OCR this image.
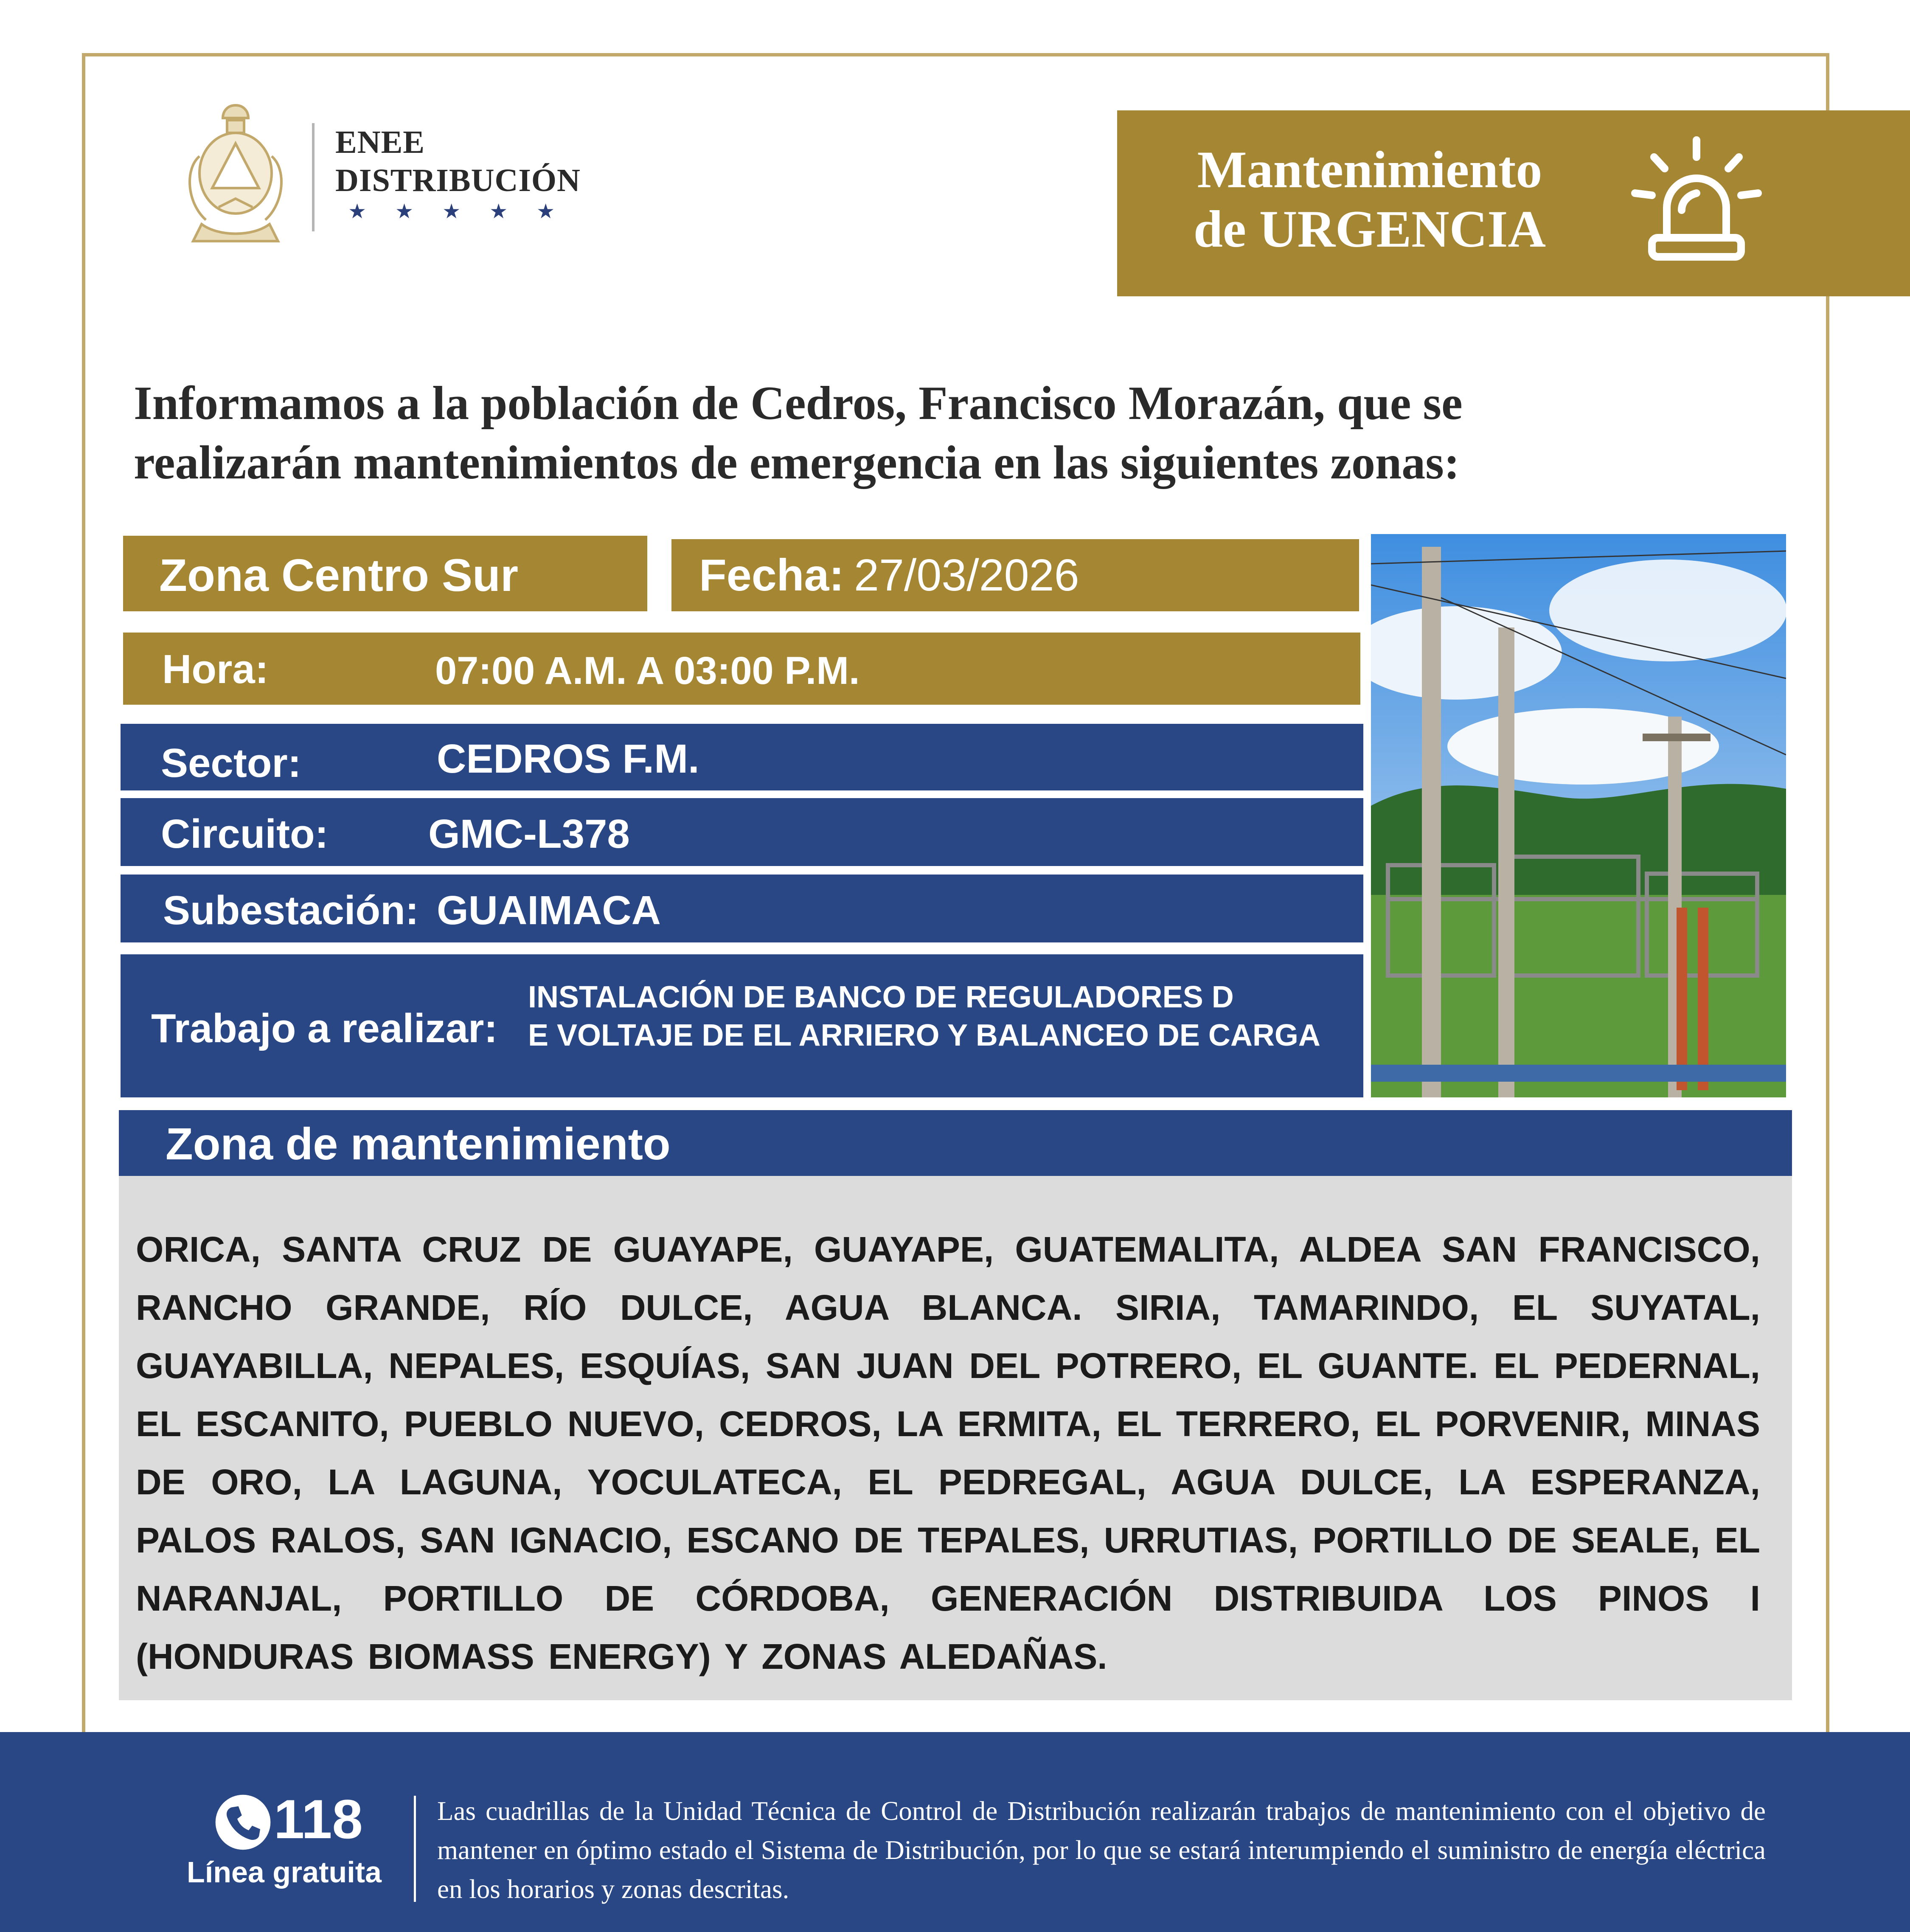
ENEE
DISTRIBUCIÓN
★★★★★
Mantenimiento
de URGENCIA
Informamos a la población de Cedros, Francisco Morazán, que se
realizarán mantenimientos de emergencia en las siguientes zonas:
Zona Centro Sur	Fecha: 27/03/2026
Hora:	07:00 A.M. A 03:00 P.M.
Sector:	CEDROS F.M.
Circuito: GMC-L378
Subestación: GUAIMACA
Trabajo a realizar:
INSTALACIÓN DE BANCO DE REGULADORES D
E VOLTAJE DE EL ARRIERO Y BALANCEO DE CARGA
Zona de mantenimiento
ORICA, SANTA CRUZ DE GUAYAPE, GUAYAPE, GUATEMALITA, ALDEA SAN FRANCISCO, RANCHO GRANDE, RÍO DULCE, AGUA BLANCA. SIRIA, TAMARINDO, EL SUYATAL, GUAYABILLA, NEPALES, ESQUÍAS, SAN JUAN DEL POTRERO, EL GUANTE. EL PEDERNAL, EL ESCANITO, PUEBLO NUEVO, CEDROS, LA ERMITA, EL TERRERO, EL PORVENIR, MINAS DE ORO, LA LAGUNA, YOCULATECA, EL PEDREGAL, AGUA DULCE, LA ESPERANZA, PALOS RALOS, SAN IGNACIO, ESCANO DE TEPALES, URRUTIAS, PORTILLO DE SEALE, EL NARANJAL, PORTILLO DE CÓRDOBA, GENERACIÓN DISTRIBUIDA LOS PINOS I (HONDURAS BIOMASS ENERGY) Y ZONAS ALEDAÑAS.
118
Línea gratuita
Las cuadrillas de la Unidad Técnica de Control de Distribución realizarán trabajos de mantenimiento con el objetivo de mantener en óptimo estado el Sistema de Distribución, por lo que se estará interumpiendo el suministro de energía eléctrica en los horarios y zonas descritas.
